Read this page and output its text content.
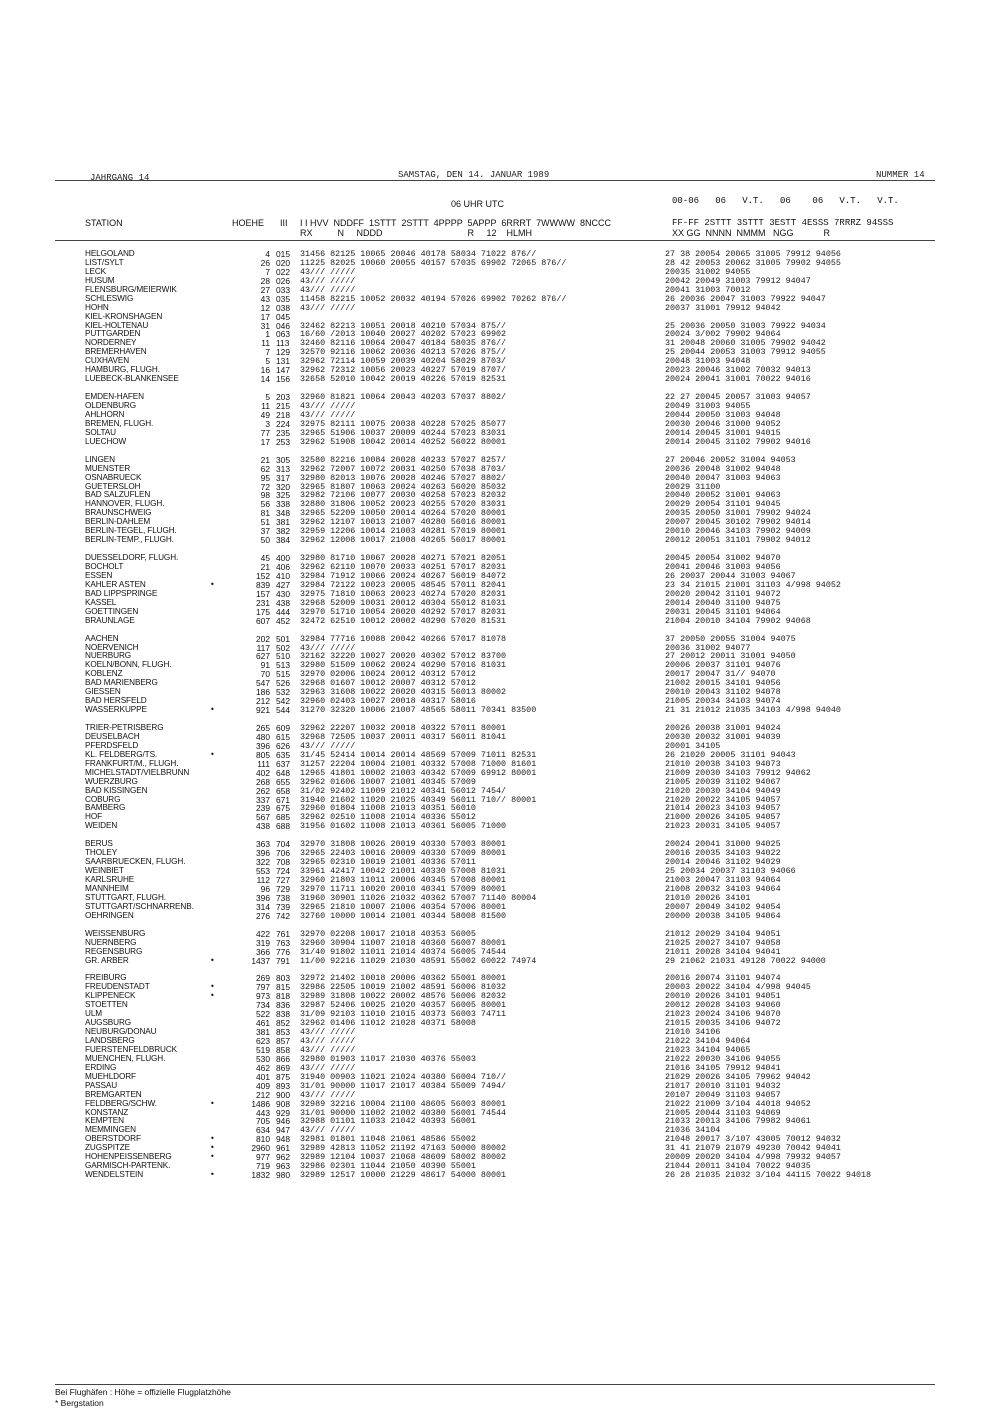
JAHRGANG 14	SAMSTAG, DEN 14. JANUAR 1989	NUMMER 14
06 UHR UTC	00-06   06   V.T.   06    06   V.T.   V.T.
STATION	HOEHE III I I HVV  NDDFF  1STTT  2STTT  4PPPP  5APPP  6RRRT  7WWWW  8NCCC	FF-FF 2STTT 3STTT 3ESTT 4ESSS 7RRRZ 94SSS
RX          N     NDDD                                  R     12    HLMH	XX GG  NNNN  NMMM   NGG            R
HELGOLAND	4 015 31456 82125 10065 20046 40178 58034 71022 876//	27 38 20054 20065 31005 79912 94056
LIST/SYLT	26 020 11225 82025 10060 20055 40157 57035 69902 72065 876//	28 42 20053 20062 31005 79902 94055
LECK	7 022 43/// /////	20035 31002 94055
HUSUM	28 026 43/// /////	20042 20049 31003 79912 94047
FLENSBURG/MEIERWIK	27 033 43/// /////	20041 31003 70012
SCHLESWIG	43 035 11458 82215 10052 20032 40194 57026 69902 70262 876//	26 20036 20047 31003 79922 94047
HOHN	12 038 43/// /////	20037 31001 79912 94042
KIEL-KRONSHAGEN	17 045
KIEL-HOLTENAU	31 046 32462 82213 10051 20018 40210 57034 875//	25 20036 20050 31003 79922 94034
PUTTGARDEN	1 063 16/60 /2013 10040 20027 40202 57023 69902	20024 3/002 79902 94064
NORDERNEY	11 113 32460 82116 10064 20047 40184 58035 876//	31 20048 20060 31005 79902 94042
BREMERHAVEN	7 129 32570 92116 10062 20036 40213 57026 875//	25 20044 20053 31003 79912 94055
CUXHAVEN	5 131 32962 72114 10059 20039 40204 58029 8703/	20048 31003 94048
HAMBURG, FLUGH.	16 147 32962 72312 10056 20023 40227 57019 8707/	20023 20046 31002 70032 94013
LUEBECK-BLANKENSEE	14 156 32658 52010 10042 20019 40226 57019 82531	20024 20041 31001 70022 94016
EMDEN-HAFEN	5 203 32960 81821 10064 20043 40203 57037 8802/	22 27 20045 20057 31003 94057
OLDENBURG	11 215 43/// /////	20049 31003 94055
AHLHORN	49 218 43/// /////	20044 20050 31003 94048
BREMEN, FLUGH.	3 224 32975 82111 10075 20038 40228 57025 85077	20030 20046 31000 94052
SOLTAU	77 235 32965 51906 10037 20009 40244 57023 83031	20014 20045 31001 94015
LUECHOW	17 253 32962 51908 10042 20014 40252 56022 80001	20014 20045 31102 79902 94016
LINGEN	21 305 32580 82216 10084 20028 40233 57027 8257/	27 20046 20052 31004 94053
MUENSTER	62 313 32962 72007 10072 20031 40250 57038 8703/	20036 20048 31002 94048
OSNABRUECK	95 317 32980 82013 10076 20028 40246 57027 8802/	20040 20047 31003 94063
GUETERSLOH	72 320 32965 81807 10063 20024 40263 56020 85032	20029 31100
BAD SALZUFLEN	98 325 32982 72106 10077 20030 40258 57023 82032	20040 20052 31001 94063
HANNOVER, FLUGH.	56 338 32880 31806 10052 20023 40255 57020 83031	20029 20054 31101 94045
BRAUNSCHWEIG	81 348 32965 52209 10050 20014 40264 57020 80001	20035 20050 31001 79902 94024
BERLIN-DAHLEM	51 381 32962 12107 10013 21007 40280 56016 80001	20007 20045 30102 79902 94014
BERLIN-TEGEL, FLUGH.	37 382 32959 12206 10014 21003 40281 57019 80001	20010 20046 34103 79902 94009
BERLIN-TEMP., FLUGH.	50 384 32962 12008 10017 21008 40265 56017 80001	20012 20051 31101 79902 94012
DUESSELDORF, FLUGH.	45 400 32980 81710 10067 20028 40271 57021 82051	20045 20054 31002 94070
BOCHOLT	21 406 32962 62110 10070 20033 40251 57017 82031	20041 20046 31003 94056
ESSEN	152 410 32984 71912 10066 20024 40267 56019 84072	26 20037 20044 31003 94067
KAHLER ASTEN	•	839 427 32984 72122 10023 20005 48545 57011 82041	23 34 21015 21001 31103 4/998 94052
BAD LIPPSPRINGE	157 430 32975 71810 10063 20023 40274 57020 82031	20020 20042 31101 94072
KASSEL	231 438 32968 52009 10031 20012 40304 55012 81031	20014 20040 31100 94075
GOETTINGEN	175 444 32970 51710 10054 20020 40292 57017 82031	20031 20045 31101 94064
BRAUNLAGE	607 452 32472 62510 10012 20002 40290 57020 81531	21004 20010 34104 79902 94068
AACHEN	202 501 32984 77716 10088 20042 40266 57017 81078	37 20050 20055 31004 94075
NOERVENICH	117 502 43/// /////	20036 31002 94077
NUERBURG	627 510 32162 32220 10027 20020 40302 57012 83700	27 20012 20011 31001 94050
KOELN/BONN, FLUGH.	91 513 32980 51509 10062 20024 40290 57016 81031	20006 20037 31101 94076
KOBLENZ	70 515 32970 02006 10024 20012 40312 57012	20017 20047 31// 94070
BAD MARIENBERG	547 526 32968 01607 10012 20007 40312 57012	21002 20015 34101 94056
GIESSEN	186 532 32963 31608 10022 20020 40315 56013 80002	20010 20043 31102 94078
BAD HERSFELD	212 542 32960 02403 10027 20018 40317 58016	21005 20034 34103 94074
WASSERKUPPE	•	921 544 31270 32320 10006 21007 48565 58011 70341 83500	21 31 21012 21035 34103 4/998 94040
TRIER-PETRISBERG	265 609 32962 22207 10032 20018 40322 57011 80001	20026 20038 31001 94024
DEUSELBACH	480 615 32968 72505 10037 20011 40317 56011 81041	20030 20032 31001 94039
PFERDSFELD	396 626 43/// /////	20001 34105
KL. FELDBERG/TS.	•	805 635 31/45 52414 10014 20014 48569 57009 71011 82531	26 21020 20005 31101 94043
FRANKFURT/M., FLUGH.	111 637 31257 22204 10004 21001 40332 57008 71000 81601	21010 20038 34103 94073
MICHELSTADT/VIELBRUNN	402 648 12965 41801 10002 21003 40342 57009 69912 80001	21009 20030 34103 79912 94062
WUERZBURG	268 655 32962 01606 10007 21001 40345 57009	21005 20039 31102 94067
BAD KISSINGEN	262 658 31/02 92402 11009 21012 40341 56012 7454/	21020 20030 34104 94049
COBURG	337 671 31940 21602 11020 21025 40349 56011 710// 80001	21020 20022 34105 94057
BAMBERG	239 675 32960 01804 11008 21013 40351 56010	21014 20023 34103 94057
HOF	567 685 32962 02510 11008 21014 40336 55012	21000 20026 34105 94057
WEIDEN	438 688 31956 01602 11008 21013 40361 56005 71000	21023 20031 34105 94057
BERUS	363 704 32970 31808 10026 20019 40330 57003 80001	20024 20041 31000 94025
THOLEY	396 706 32965 22403 10016 20009 40330 57009 80001	20016 20035 34103 94022
SAARBRUECKEN, FLUGH.	322 708 32965 02310 10019 21001 40336 57011	20014 20046 31102 94029
WEINBIET	553 724 33961 42417 10042 21001 40330 57008 81031	25 20034 20037 31103 94066
KARLSRUHE	112 727 32960 21803 11011 20006 40345 57008 80001	21003 20047 31103 94064
MANNHEIM	96 729 32970 11711 10020 20010 40341 57009 80001	21008 20032 34103 94064
STUTTGART, FLUGH.	396 738 31960 30901 11026 21032 40362 57007 71140 80004	21010 20026 34101
STUTTGART/SCHNARRENB.	314 739 32965 21810 10007 21006 40354 57006 80001	20007 20049 34102 94054
OEHRINGEN	276 742 32760 10000 10014 21001 40344 58008 81500	20000 20038 34105 94064
WEISSENBURG	422 761 32970 02208 10017 21018 40353 56005	21012 20029 34104 94051
NUERNBERG	319 763 32960 30904 11007 21018 40360 56007 80001	21025 20027 34107 94058
REGENSBURG	366 776 31/40 91802 11011 21014 40374 56005 74544	21011 20028 34104 94041
GR. ARBER	•	1437 791 11/00 92216 11029 21030 48591 55002 60022 74974	29 21062 21031 49128 70022 94000
FREIBURG	269 803 32972 21402 10018 20006 40362 55001 80001	20016 20074 31101 94074
FREUDENSTADT	•	797 815 32986 22505 10019 21002 48591 56006 81032	20003 20022 34104 4/998 94045
KLIPPENECK	•	973 818 32989 31808 10022 20002 48576 56006 82032	20010 20026 34101 94051
STOETTEN	734 836 32987 52406 10025 21020 40357 56005 80001	20012 20028 34103 94060
ULM	522 838 31/09 92103 11010 21015 40373 56003 74711	21023 20024 34106 94070
AUGSBURG	461 852 32962 01406 11012 21028 40371 58008	21015 20035 34106 94072
NEUBURG/DONAU	381 853 43/// /////	21010 34106
LANDSBERG	623 857 43/// /////	21022 34104 94064
FUERSTENFELDBRUCK	519 858 43/// /////	21023 34104 94065
MUENCHEN, FLUGH.	530 866 32980 01903 11017 21030 40376 55003	21022 20030 34106 94055
ERDING	462 869 43/// /////	21016 34105 79912 94041
MUEHLDORF	401 875 31940 00903 11021 21024 40380 56004 710//	21029 20026 34105 79962 94042
PASSAU	409 893 31/01 90000 11017 21017 40384 55009 7494/	21017 20010 31101 94032
BREMGARTEN	212 900 43/// /////	20107 20049 31103 94057
FELDBERG/SCHW.	•	1486 908 32989 32216 10004 21100 48605 56003 80001	21022 21009 3/104 44018 94052
KONSTANZ	443 929 31/01 90000 11002 21002 40380 56001 74544	21005 20044 31103 94069
KEMPTEN	705 946 32988 01101 11033 21042 40393 56001	21033 20013 34106 79982 94061
MEMMINGEN	634 947 43/// /////	21036 34104
OBERSTDORF	•	810 948 32981 01801 11048 21061 48586 55002	21048 20017 3/107 43005 70012 94032
ZUGSPITZE	•	2960 961 32989 42813 11052 21192 47163 50000 80002	31 41 21079 21079 49230 70042 94041
HOHENPEISSENBERG	•	977 962 32989 12104 10037 21068 48609 58002 80002	20009 20020 34104 4/998 79932 94057
GARMISCH-PARTENK.	719 963 32986 02301 11044 21050 40390 55001	21044 20011 34104 70022 94035
WENDELSTEIN	•	1832 980 32989 12517 10000 21229 48617 54000 80001	26 28 21035 21032 3/104 44115 70022 94018
Bei Flughäfen : Höhe = offizielle Flugplatzhöhe
* Bergstation
